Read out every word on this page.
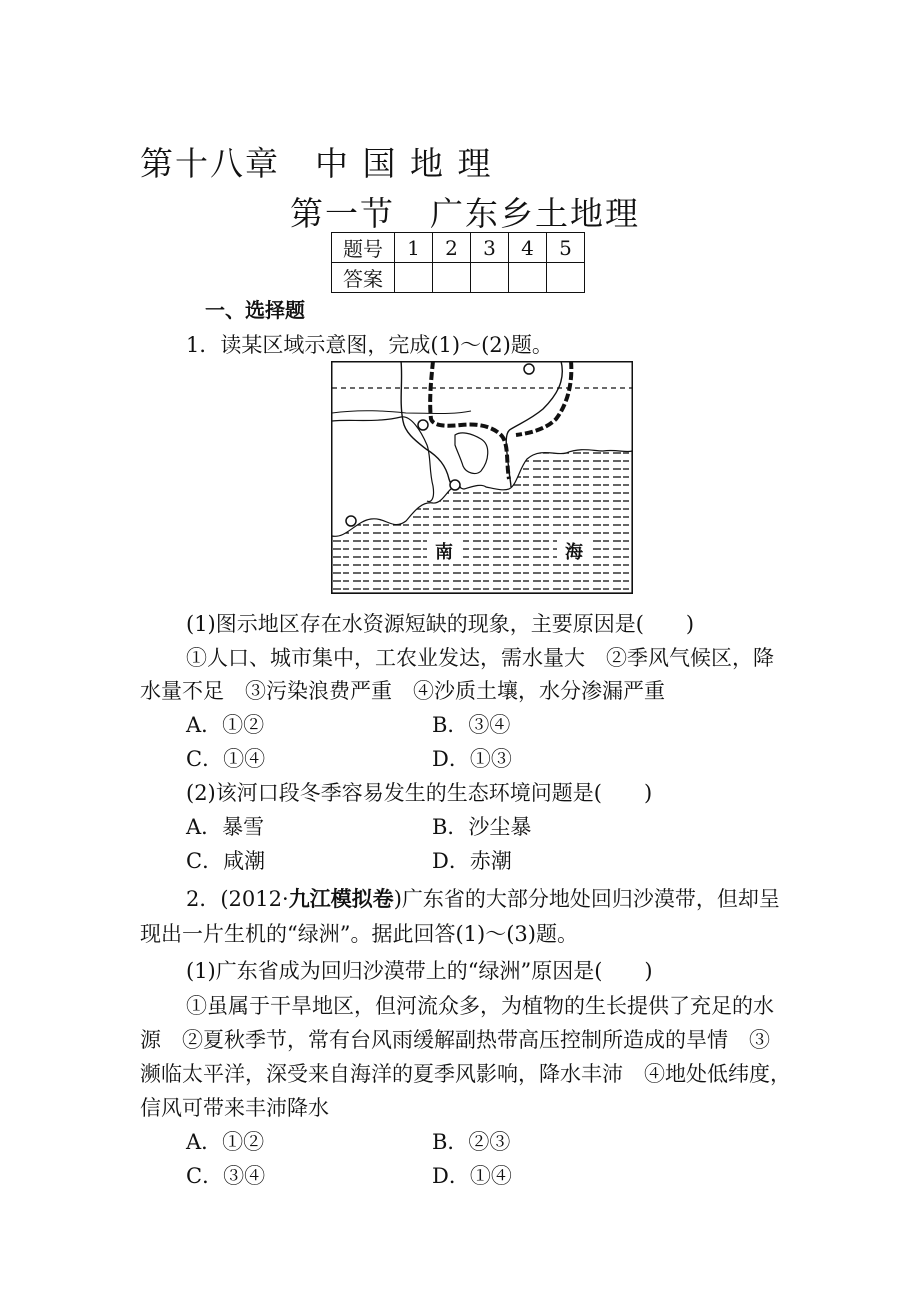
第十八章　中 国 地 理
第一节　广东乡土地理
题号	1	2	3	4	5
答案					
一、选择题
1．读某区域示意图，完成(1)～(2)题。
南	海
(1)图示地区存在水资源短缺的现象，主要原因是(　　)
①人口、城市集中，工农业发达，需水量大　②季风气候区，降
水量不足　③污染浪费严重　④沙质土壤，水分渗漏严重
A．①②	B．③④
C．①④	D．①③
(2)该河口段冬季容易发生的生态环境问题是(　　)
A．暴雪	B．沙尘暴
C．咸潮	D．赤潮
2．(2012·九江模拟卷)广东省的大部分地处回归沙漠带，但却呈
现出一片生机的“绿洲”。据此回答(1)～(3)题。
(1)广东省成为回归沙漠带上的“绿洲”原因是(　　)
①虽属于干旱地区，但河流众多，为植物的生长提供了充足的水
源　②夏秋季节，常有台风雨缓解副热带高压控制所造成的旱情　③
濒临太平洋，深受来自海洋的夏季风影响，降水丰沛　④地处低纬度，
信风可带来丰沛降水
A．①②	B．②③
C．③④	D．①④
